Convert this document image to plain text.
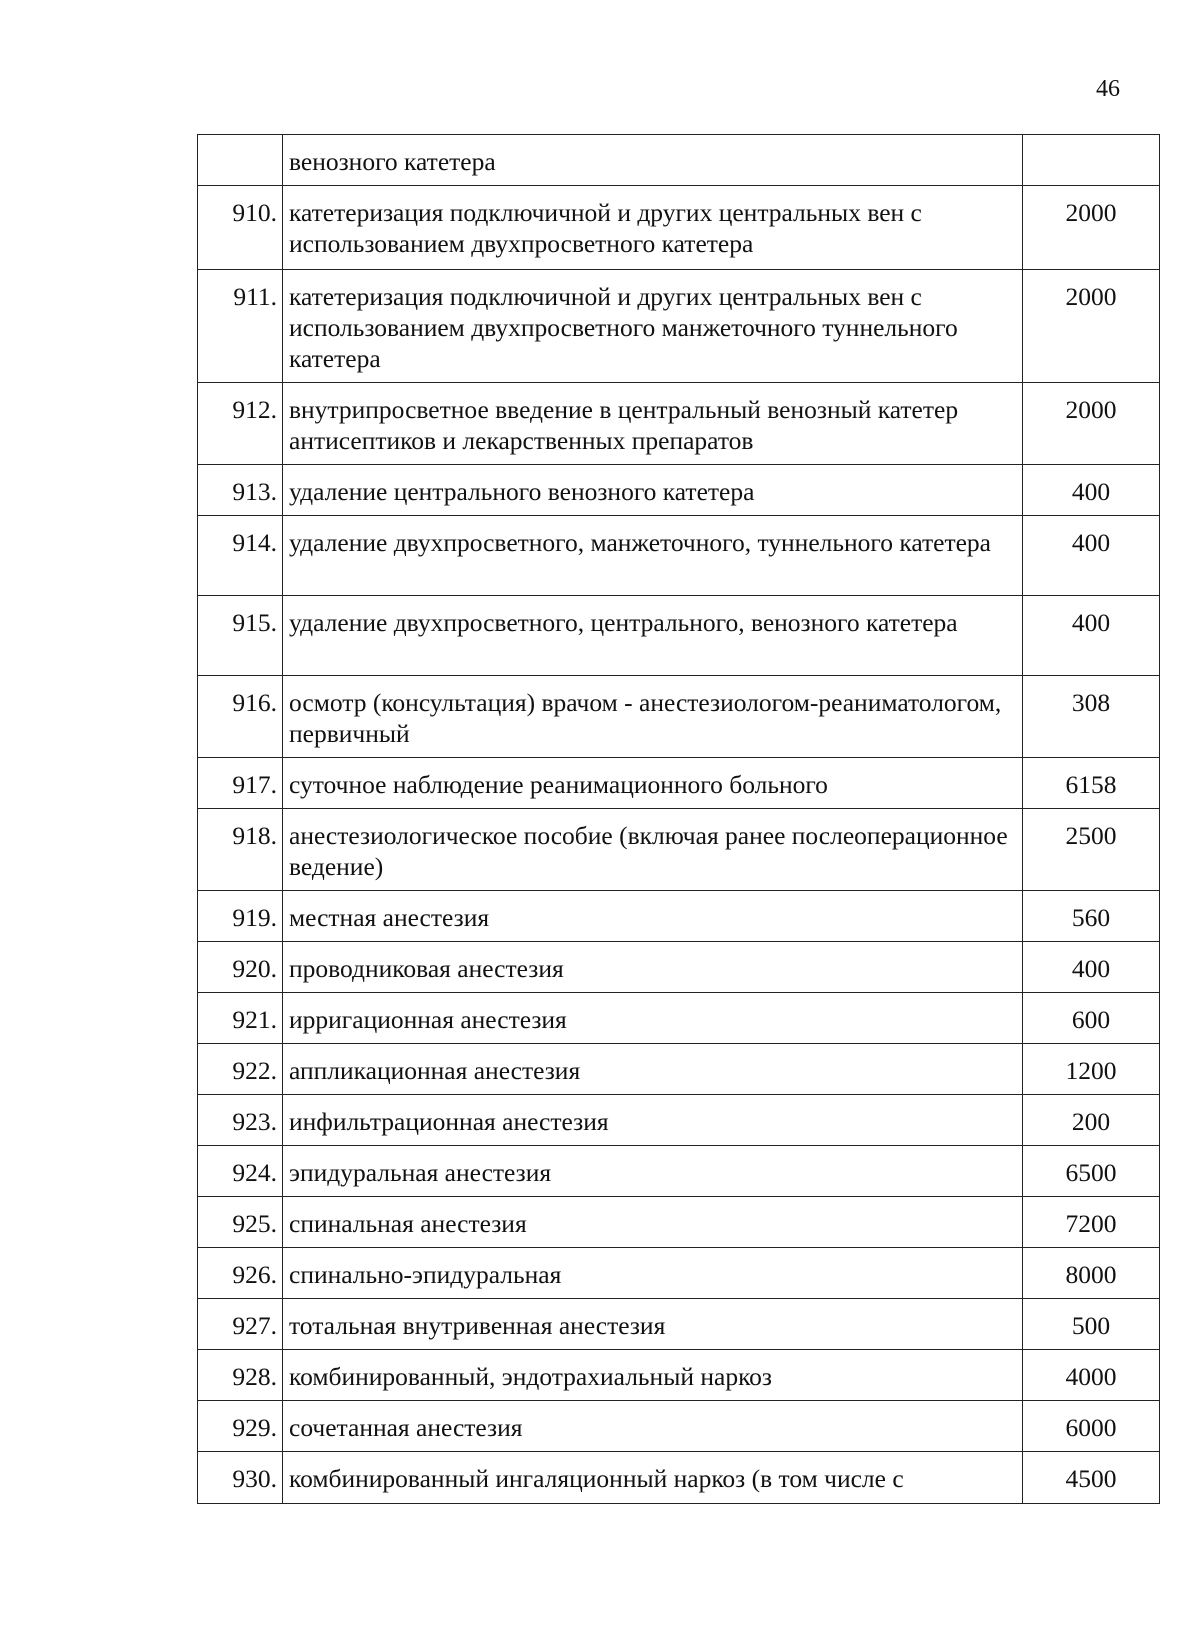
46
	венозного катетера	
910.	катетеризация подключичной и других центральных вен с использованием двухпросветного катетера	2000
911.	катетеризация подключичной и других центральных вен с использованием двухпросветного манжеточного туннельного катетера	2000
912.	внутрипросветное введение в центральный венозный катетер антисептиков и лекарственных препаратов	2000
913.	удаление центрального венозного катетера	400
914.	удаление двухпросветного, манжеточного, туннельного катетера	400
915.	удаление двухпросветного, центрального, венозного катетера	400
916.	осмотр (консультация) врачом - анестезиологом-реаниматологом, первичный	308
917.	суточное наблюдение реанимационного больного	6158
918.	анестезиологическое пособие (включая ранее послеоперационное ведение)	2500
919.	местная анестезия	560
920.	проводниковая анестезия	400
921.	ирригационная анестезия	600
922.	аппликационная анестезия	1200
923.	инфильтрационная анестезия	200
924.	эпидуральная анестезия	6500
925.	спинальная анестезия	7200
926.	спинально-эпидуральная	8000
927.	тотальная внутривенная анестезия	500
928.	комбинированный, эндотрахиальный наркоз	4000
929.	сочетанная анестезия	6000
930.	комбинированный ингаляционный наркоз (в том числе с	4500
